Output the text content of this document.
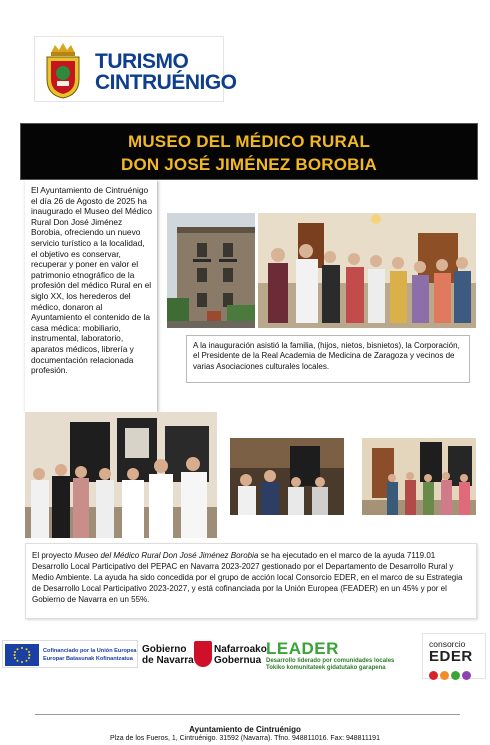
TURISMO
CINTRUÉNIGO
MUSEO DEL MÉDICO RURAL
DON JOSÉ JIMÉNEZ BOROBIA
El Ayuntamiento de Cintruénigo el día 26 de Agosto de 2025 ha inaugurado el Museo del Médico Rural Don José Jiménez Borobia, ofreciendo un nuevo servicio turístico a la localidad, el objetivo es conservar, recuperar y poner en valor el patrimonio etnográfico de la profesión del médico Rural en el siglo XX, los herederos del médico, donaron al Ayuntamiento el contenido de la casa médica: mobiliario, instrumental, laboratorio, aparatos médicos, librería y documentación relacionada profesión.
A la inauguración asistió la familia, (hijos, nietos, bisnietos), la Corporación, el Presidente de la Real Academia de Medicina de Zaragoza y vecinos de varias Asociaciones culturales locales.
El proyecto Museo del Médico Rural Don José Jiménez Borobia se ha ejecutado en el marco de la ayuda 7119.01 Desarrollo Local Participativo del PEPAC en Navarra 2023-2027 gestionado por el Departamento de Desarrollo Rural y Medio Ambiente. La ayuda ha sido concedida por el grupo de acción local Consorcio EDER, en el marco de su Estrategia de Desarrollo Local Participativo 2023-2027, y está cofinanciada por la Unión Europea (FEADER) en un 45% y por el Gobierno de Navarra en un 55%.
Cofinanciado por la Unión Europea
Europar Batasunak Kofinantzatua
Gobierno
de Navarra
Nafarroako
Gobernua
LEADER
Desarrollo liderado por comunidades locales
Tokiko komunitateek gidatutako garapena
consorcio
EDER
Ayuntamiento de Cintruénigo
Plza de los Fueros, 1, Cintruénigo. 31592 (Navarra). Tfno. 948811016. Fax: 948811191
